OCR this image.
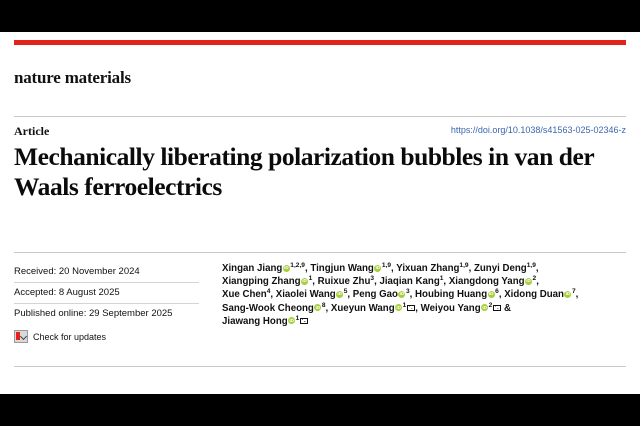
nature materials
Article	https://doi.org/10.1038/s41563-025-02346-z
Mechanically liberating polarization bubbles in van der Waals ferroelectrics
Received: 20 November 2024
Accepted: 8 August 2025
Published online: 29 September 2025
Check for updates
Xingan Jiang iD $^{1,2,9}$, Tingjun Wang iD $^{1,9}$, Yixuan Zhang$^{1,9}$, Zunyi Deng$^{1,9}$,
Xiangping Zhang iD $^1$, Ruixue Zhu$^3$, Jiaqian Kang$^1$, Xiangdong Yang iD $^2$,
Xue Chen$^4$, Xiaolei Wang iD $^5$, Peng Gao iD $^3$, Houbing Huang iD $^6$, Xidong Duan iD $^7$,
Sang-Wook Cheong iD $^8$, Xueyun Wang iD $^1$ , Weiyou Yang iD $^2$ &
Jiawang Hong iD $^1$
